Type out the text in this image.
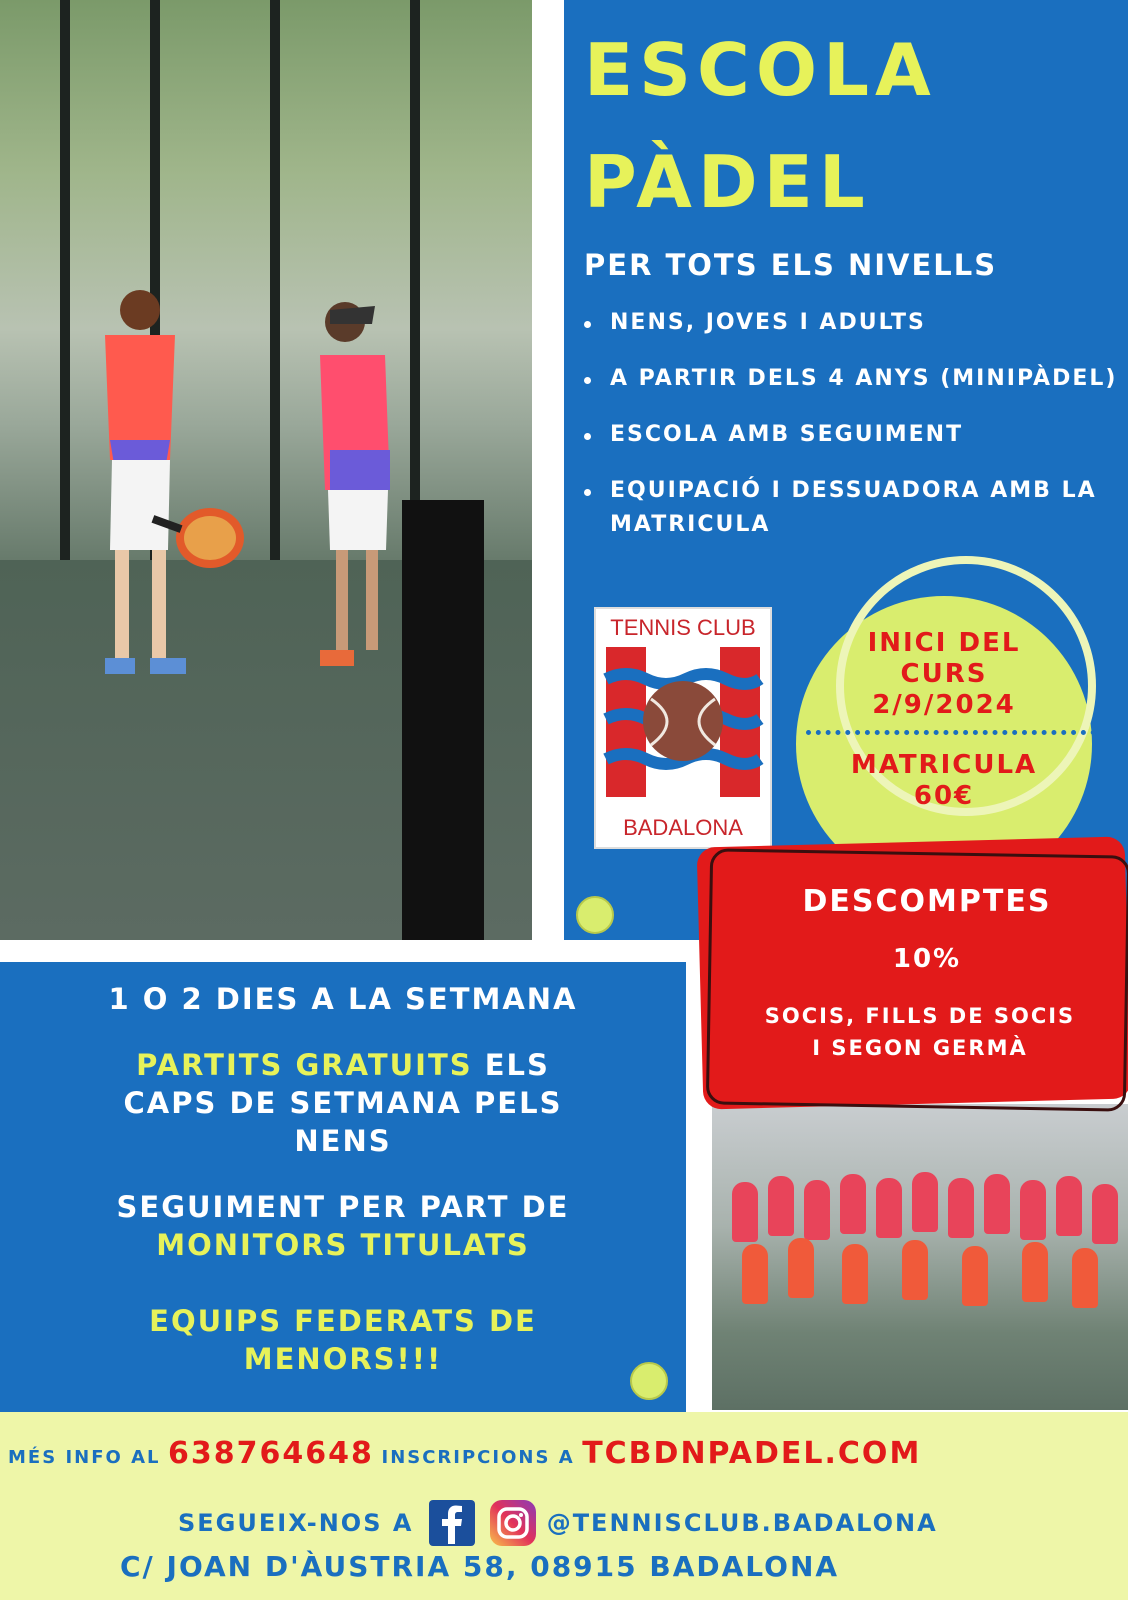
ESCOLA
PÀDEL
PER TOTS ELS NIVELLS
NENS, JOVES I ADULTS
A PARTIR DELS 4 ANYS (MINIPÀDEL)
ESCOLA AMB SEGUIMENT
EQUIPACIÓ I DESSUADORA AMB LA MATRICULA
TENNIS CLUB
BADALONA
INICI DEL
CURS
2/9/2024
MATRICULA
60€
1 O 2 DIES A LA SETMANA
PARTITS GRATUITS ELS
CAPS DE SETMANA PELS
NENS
SEGUIMENT PER PART DE
MONITORS TITULATS
EQUIPS FEDERATS DE
MENORS!!!
DESCOMPTES
10%
SOCIS, FILLS DE SOCIS
I SEGON GERMÀ
MÉS INFO AL 638764648 INSCRIPCIONS A TCBDNPADEL.COM
SEGUEIX-NOS A	@TENNISCLUB.BADALONA
C/ JOAN D'ÀUSTRIA 58, 08915 BADALONA
